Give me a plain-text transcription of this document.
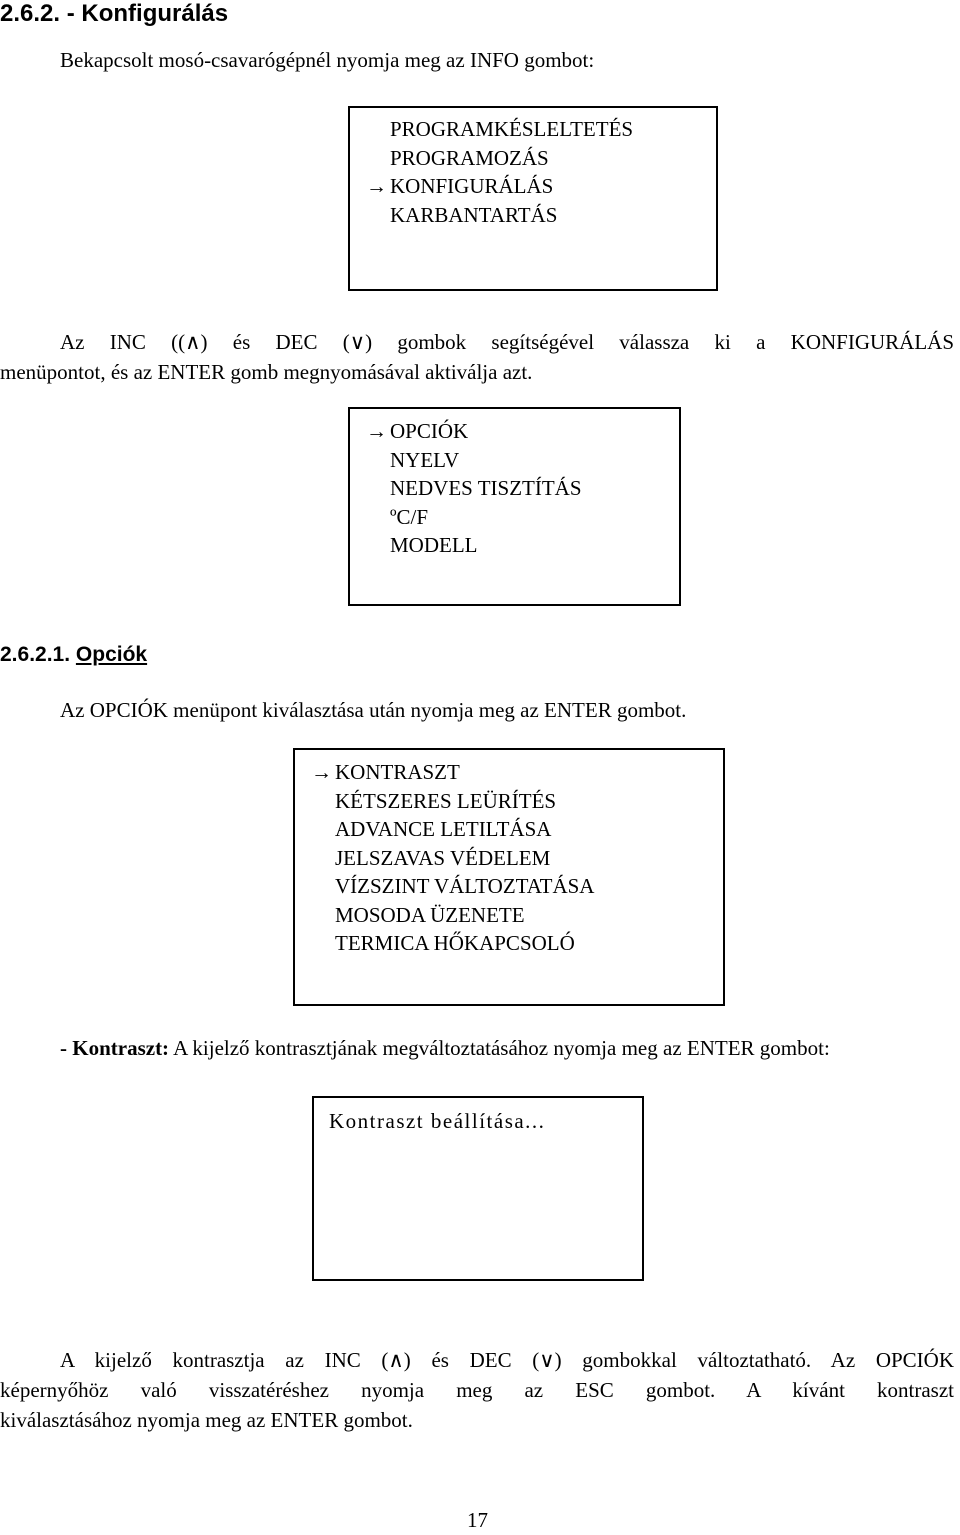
2.6.2. - Konfigurálás
Bekapcsolt mosó-csavarógépnél nyomja meg az INFO gombot:
PROGRAMKÉSLELTETÉS
PROGRAMOZÁS
→ KONFIGURÁLÁS
KARBANTARTÁS
Az INC ((∧) és DEC (∨) gombok segítségével válassza ki a KONFIGURÁLÁS
menüpontot, és az ENTER gomb megnyomásával aktiválja azt.
→ OPCIÓK
NYELV
NEDVES TISZTÍTÁS
ºC/F
MODELL
2.6.2.1. Opciók
Az OPCIÓK menüpont kiválasztása után nyomja meg az ENTER gombot.
→ KONTRASZT
KÉTSZERES LEÜRÍTÉS
ADVANCE LETILTÁSA
JELSZAVAS VÉDELEM
VÍZSZINT VÁLTOZTATÁSA
MOSODA ÜZENETE
TERMICA HŐKAPCSOLÓ
- Kontraszt: A kijelző kontrasztjának megváltoztatásához nyomja meg az ENTER gombot:
Kontraszt beállítása...
A kijelző kontrasztja az INC (∧) és DEC (∨) gombokkal változtatható. Az OPCIÓK
képernyőhöz való visszatéréshez nyomja meg az ESC gombot. A kívánt kontraszt
kiválasztásához nyomja meg az ENTER gombot.
17
